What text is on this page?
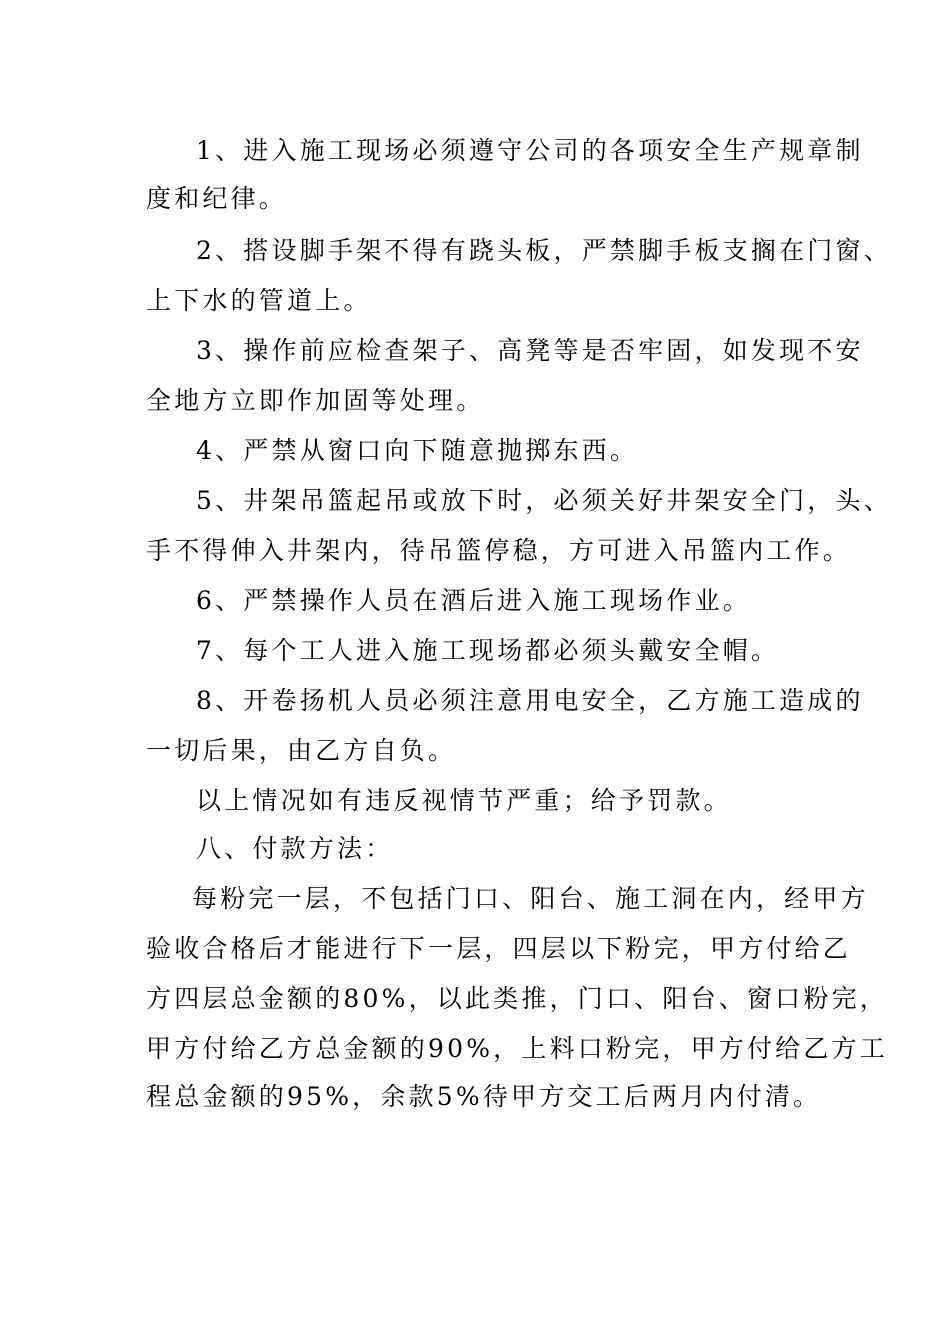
1、进入施工现场必须遵守公司的各项安全生产规章制
度和纪律。
2、搭设脚手架不得有跷头板，严禁脚手板支搁在门窗、
上下水的管道上。
3、操作前应检查架子、高凳等是否牢固，如发现不安
全地方立即作加固等处理。
4、严禁从窗口向下随意抛掷东西。
5、井架吊篮起吊或放下时，必须关好井架安全门，头、
手不得伸入井架内，待吊篮停稳，方可进入吊篮内工作。
6、严禁操作人员在酒后进入施工现场作业。
7、每个工人进入施工现场都必须头戴安全帽。
8、开卷扬机人员必须注意用电安全，乙方施工造成的
一切后果，由乙方自负。
以上情况如有违反视情节严重；给予罚款。
八、付款方法：
每粉完一层，不包括门口、阳台、施工洞在内，经甲方
验收合格后才能进行下一层，四层以下粉完，甲方付给乙
方四层总金额的80%，以此类推，门口、阳台、窗口粉完，
甲方付给乙方总金额的90%，上料口粉完，甲方付给乙方工
程总金额的95%，余款5%待甲方交工后两月内付清。
